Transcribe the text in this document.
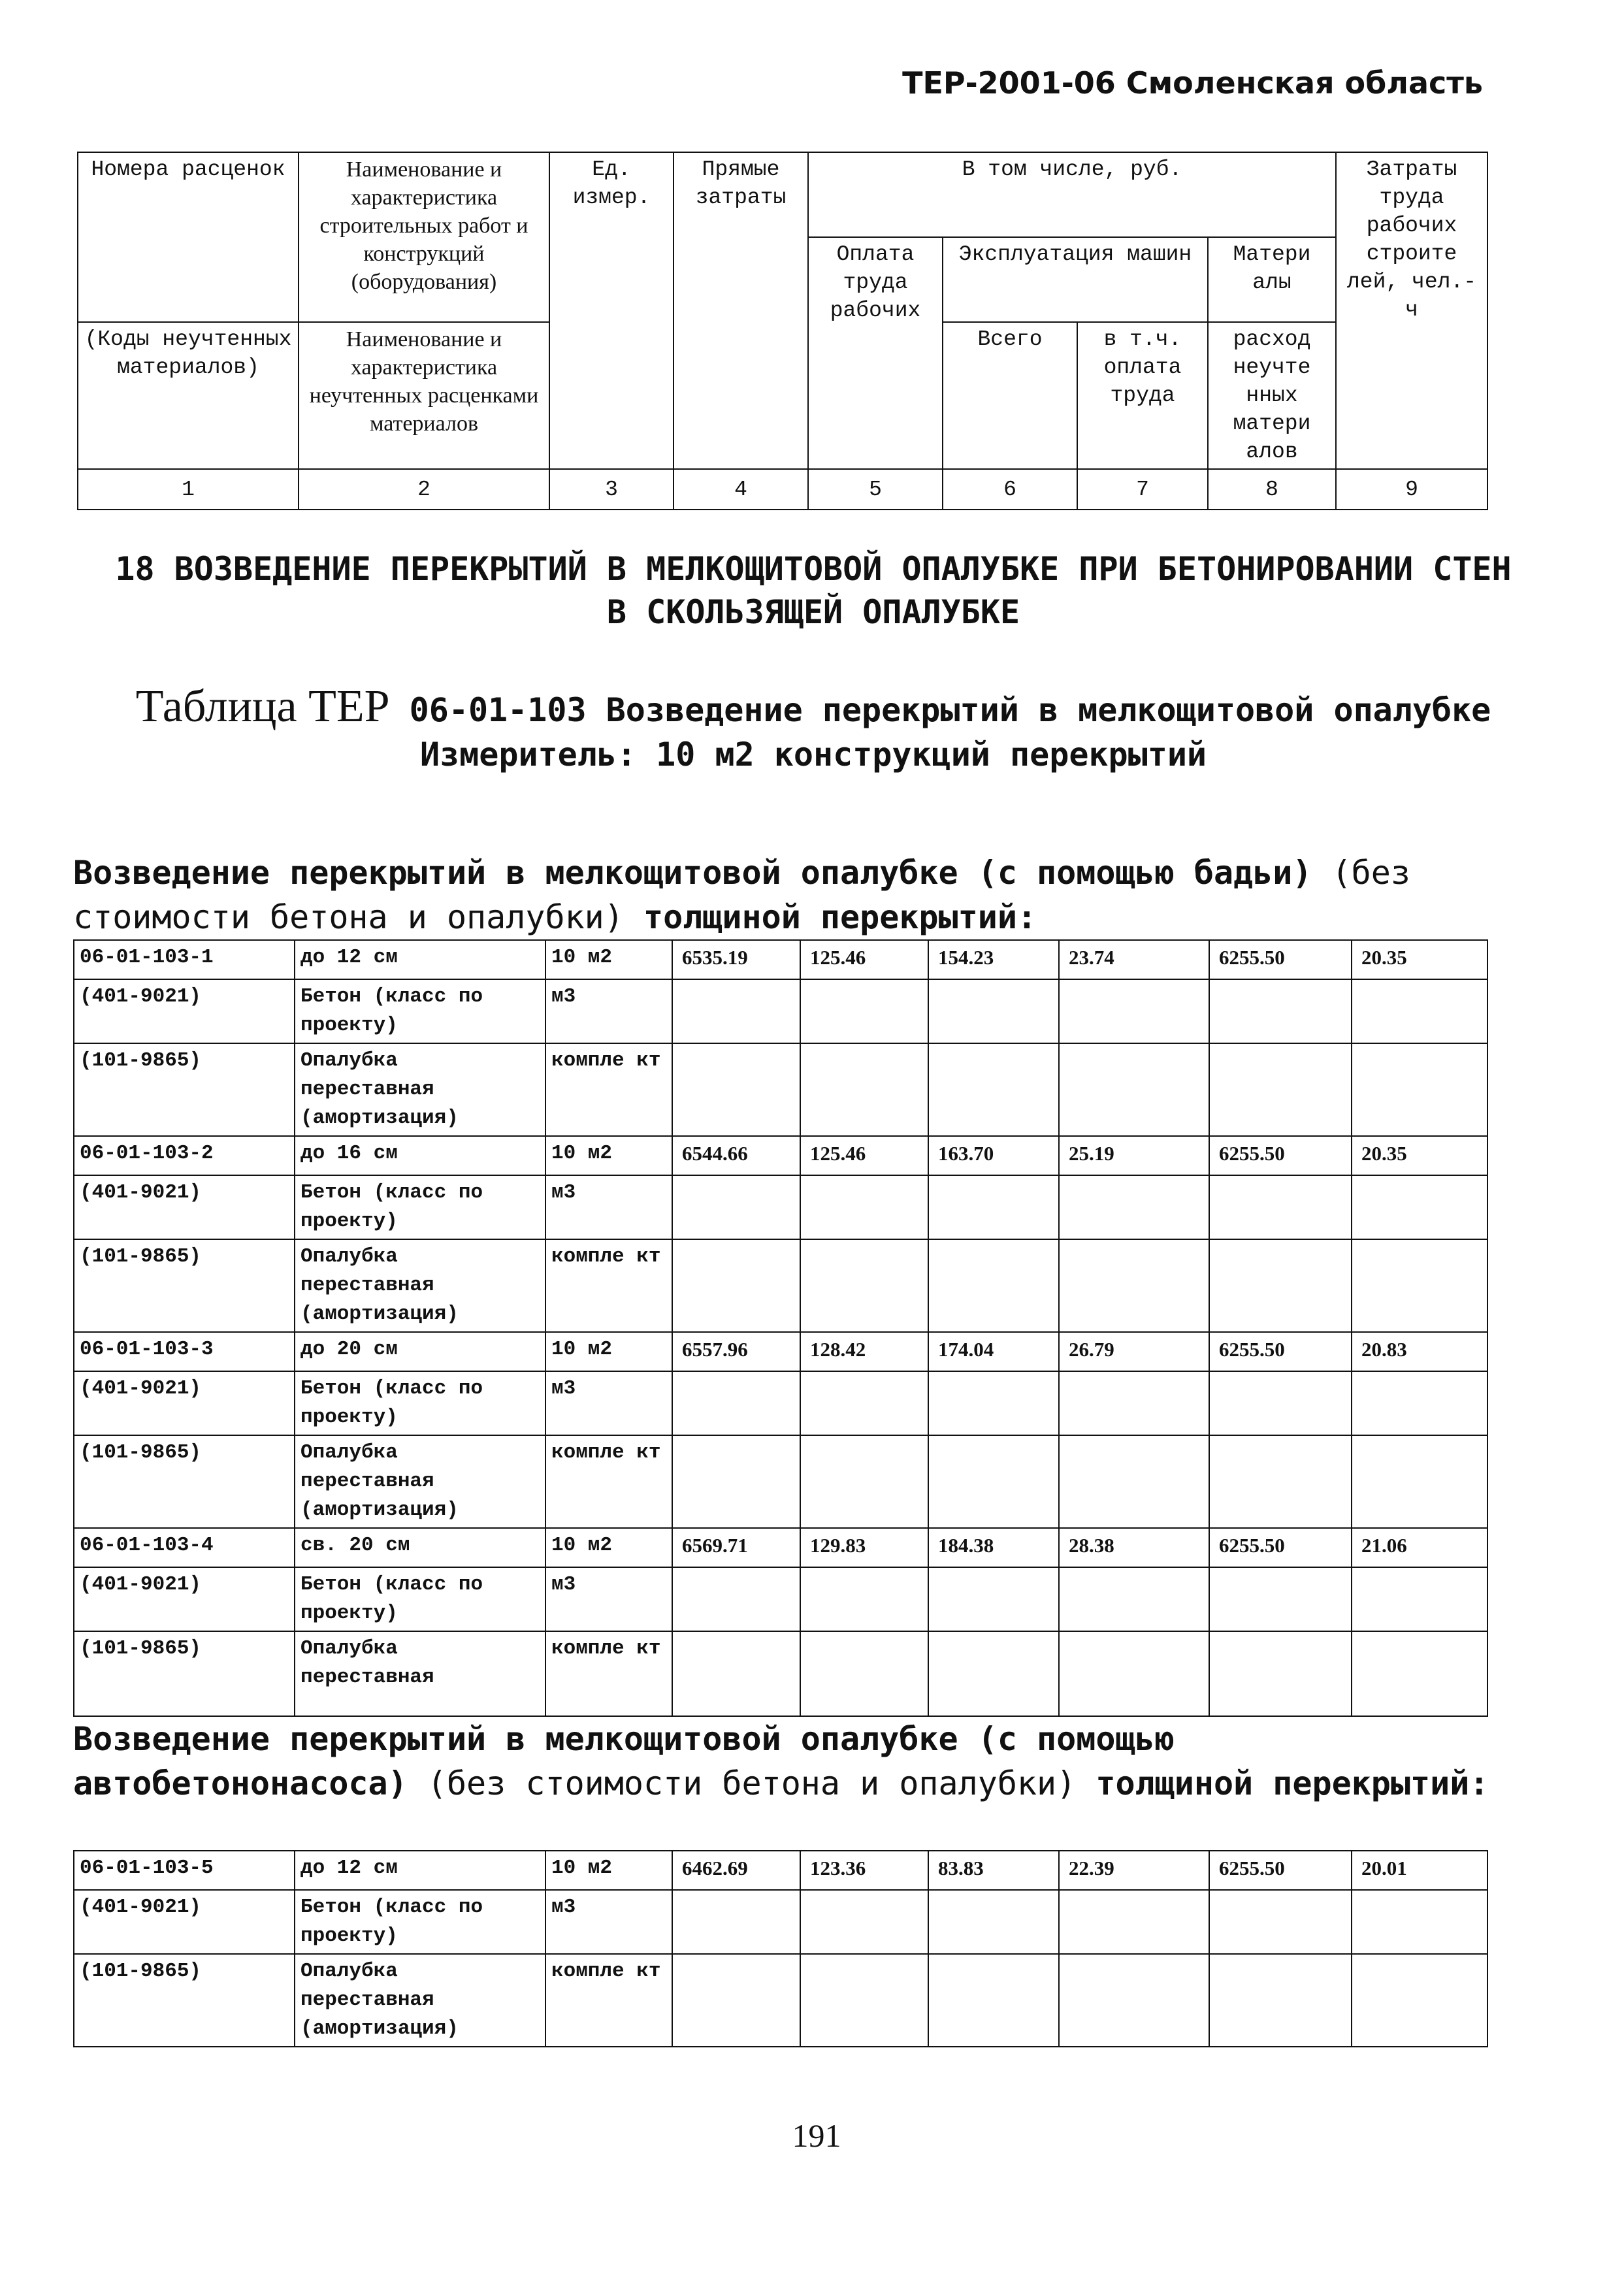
ТЕР-2001-06 Смоленская область
Номера расценок	Наименование и характеристика строительных работ и конструкций (оборудования)	Ед. измер.	Прямые затраты	В том числе, руб.				Затраты труда рабочих строите лей, чел.-ч
				Оплата труда рабочих	Эксплуатация машин		Матери алы	
(Коды неучтенных материалов)	Наименование и характеристика неучтенных расценками материалов				Всего	в т.ч. оплата труда	расход неучте нных матери алов	
1	2	3	4	5	6	7	8	9
18 ВОЗВЕДЕНИЕ ПЕРЕКРЫТИЙ В МЕЛКОЩИТОВОЙ ОПАЛУБКЕ ПРИ БЕТОНИРОВАНИИ СТЕН В СКОЛЬЗЯЩЕЙ ОПАЛУБКЕ
Таблица ТЕР 06-01-103 Возведение перекрытий в мелкощитовой опалубке
Измеритель: 10 м2 конструкций перекрытий
Возведение перекрытий в мелкощитовой опалубке (с помощью бадьи) (без стоимости бетона и опалубки) толщиной перекрытий:
06-01-103-1	до 12 см	10 м2	6535.19	125.46	154.23	23.74	6255.50	20.35
(401-9021)	Бетон (класс по проекту)	м3						
(101-9865)	Опалубка переставная (амортизация)	компле кт						
06-01-103-2	до 16 см	10 м2	6544.66	125.46	163.70	25.19	6255.50	20.35
(401-9021)	Бетон (класс по проекту)	м3						
(101-9865)	Опалубка переставная (амортизация)	компле кт						
06-01-103-3	до 20 см	10 м2	6557.96	128.42	174.04	26.79	6255.50	20.83
(401-9021)	Бетон (класс по проекту)	м3						
(101-9865)	Опалубка переставная (амортизация)	компле кт						
06-01-103-4	св. 20 см	10 м2	6569.71	129.83	184.38	28.38	6255.50	21.06
(401-9021)	Бетон (класс по проекту)	м3						
(101-9865)	Опалубка переставная	компле кт						
Возведение перекрытий в мелкощитовой опалубке (с помощью автобетононасоса) (без стоимости бетона и опалубки) толщиной перекрытий:
06-01-103-5	до 12 см	10 м2	6462.69	123.36	83.83	22.39	6255.50	20.01
(401-9021)	Бетон (класс по проекту)	м3						
(101-9865)	Опалубка переставная (амортизация)	компле кт						
191
